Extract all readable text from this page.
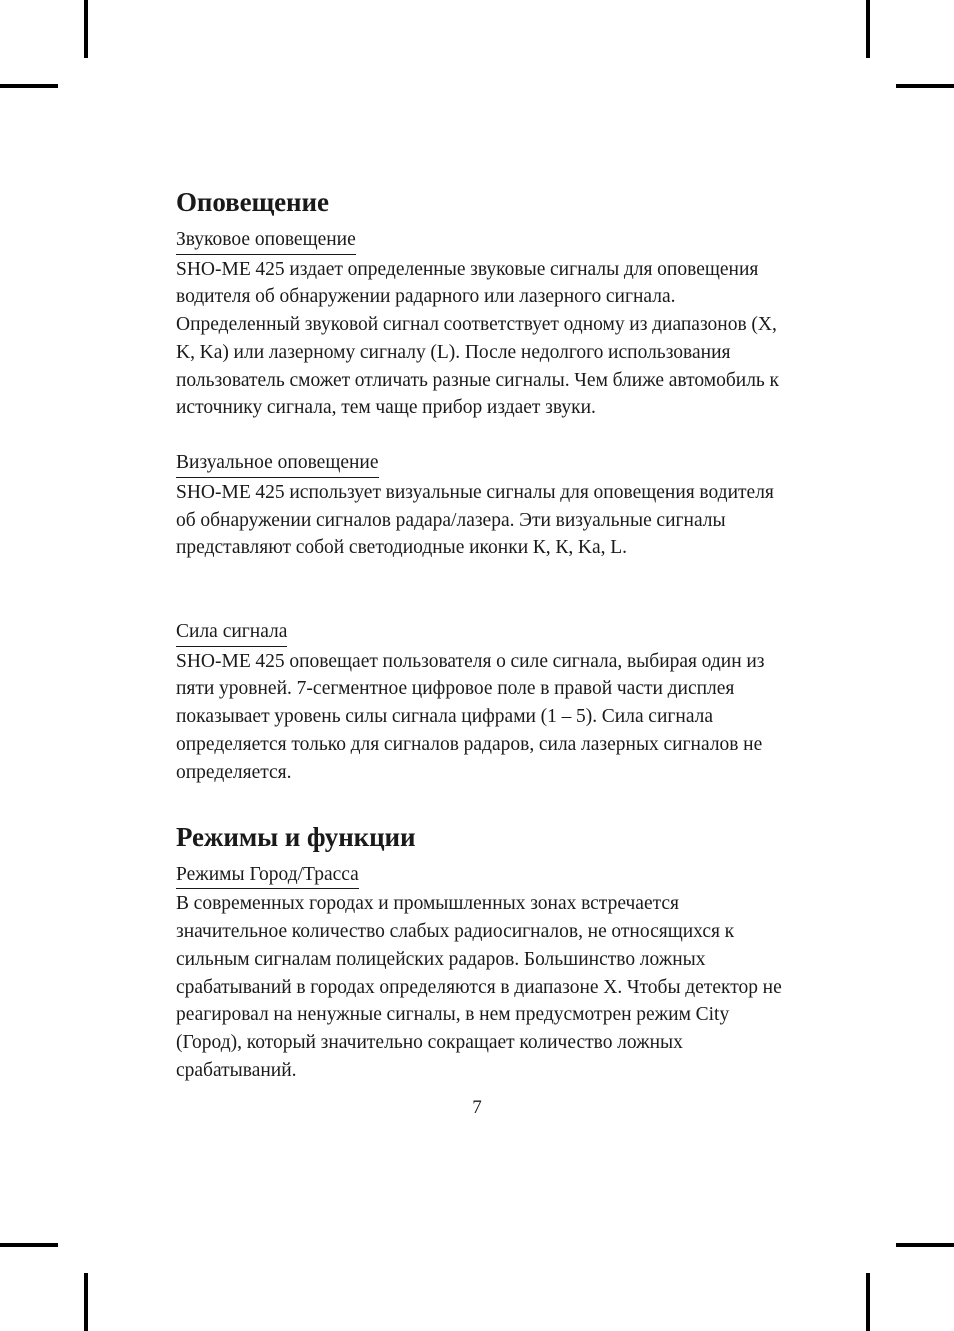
Оповещение
Звуковое оповещение

SHO-ME 425 издает определенные звуковые сигналы для оповещения водителя об обнаружении радарного или лазерного сигнала. Определенный звуковой сигнал соответствует одному из диапазонов (X, K, Ka) или лазерному сигналу (L). После недолгого использования пользователь сможет отличать разные сигналы. Чем ближе автомобиль к источнику сигнала, тем чаще прибор издает звуки.

Визуальное оповещение

SHO-ME 425 использует визуальные сигналы для оповещения водителя об обнаружении сигналов радара/лазера. Эти визуальные сигналы представляют собой светодиодные иконки К, К, Ka, L.

Сила сигнала

SHO-ME 425 оповещает пользователя о силе сигнала, выбирая один из пяти уровней. 7-сегментное цифровое поле в правой части дисплея показывает уровень силы сигнала цифрами (1 – 5). Сила сигнала определяется только для сигналов радаров, сила лазерных сигналов не определяется.

Режимы и функции
Режимы Город/Трасса

В современных городах и промышленных зонах встречается значительное количество слабых радиосигналов, не относящихся к сильным сигналам полицейских радаров. Большинство ложных срабатываний в городах определяются в диапазоне X. Чтобы детектор не реагировал на ненужные сигналы, в нем предусмотрен режим City (Город), который значительно сокращает количество ложных срабатываний.

7
